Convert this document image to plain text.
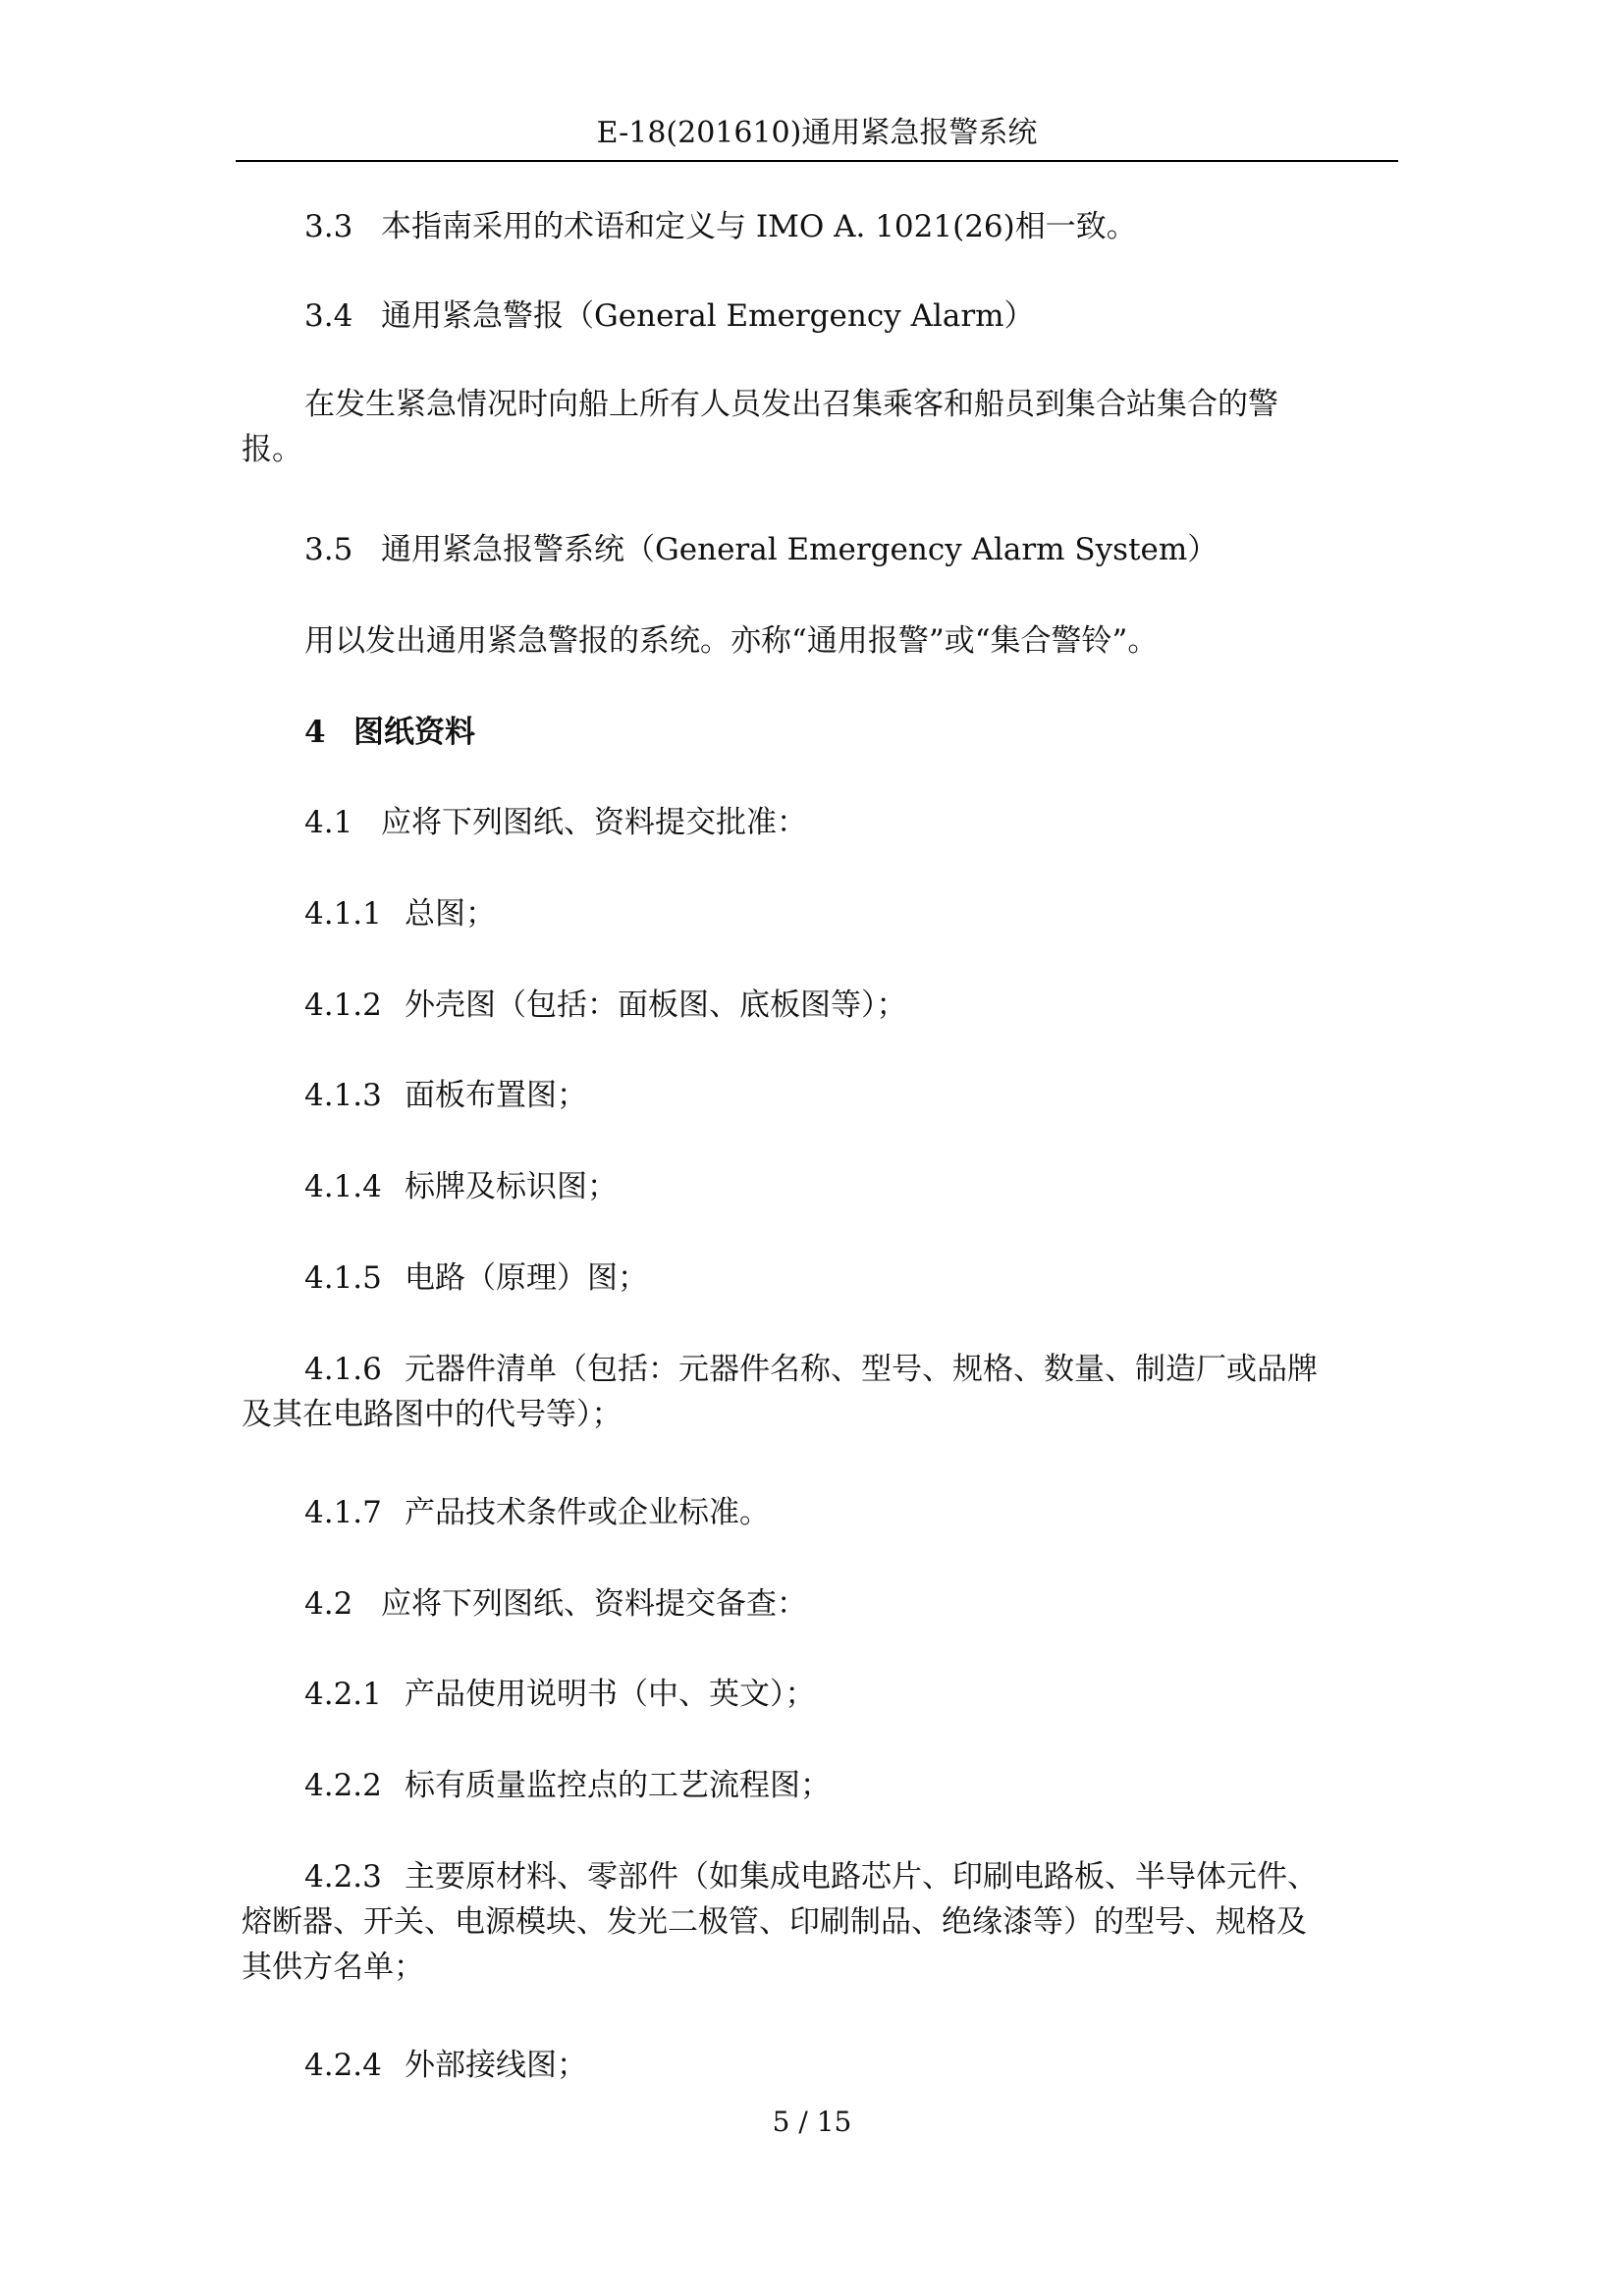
E-18(201610)通用紧急报警系统
3.3 本指南采用的术语和定义与 IMO A. 1021(26)相一致。
3.4 通用紧急警报（General Emergency Alarm）
在发生紧急情况时向船上所有人员发出召集乘客和船员到集合站集合的警
报。
3.5 通用紧急报警系统（General Emergency Alarm System）
用以发出通用紧急警报的系统。亦称“通用报警”或“集合警铃”。
4 图纸资料
4.1 应将下列图纸、资料提交批准：
4.1.1 总图；
4.1.2 外壳图（包括：面板图、底板图等）；
4.1.3 面板布置图；
4.1.4 标牌及标识图；
4.1.5 电路（原理）图；
4.1.6 元器件清单（包括：元器件名称、型号、规格、数量、制造厂或品牌
及其在电路图中的代号等）；
4.1.7 产品技术条件或企业标准。
4.2 应将下列图纸、资料提交备查：
4.2.1 产品使用说明书（中、英文）；
4.2.2 标有质量监控点的工艺流程图；
4.2.3 主要原材料、零部件（如集成电路芯片、印刷电路板、半导体元件、
熔断器、开关、电源模块、发光二极管、印刷制品、绝缘漆等）的型号、规格及
其供方名单；
4.2.4 外部接线图；
5 / 15
